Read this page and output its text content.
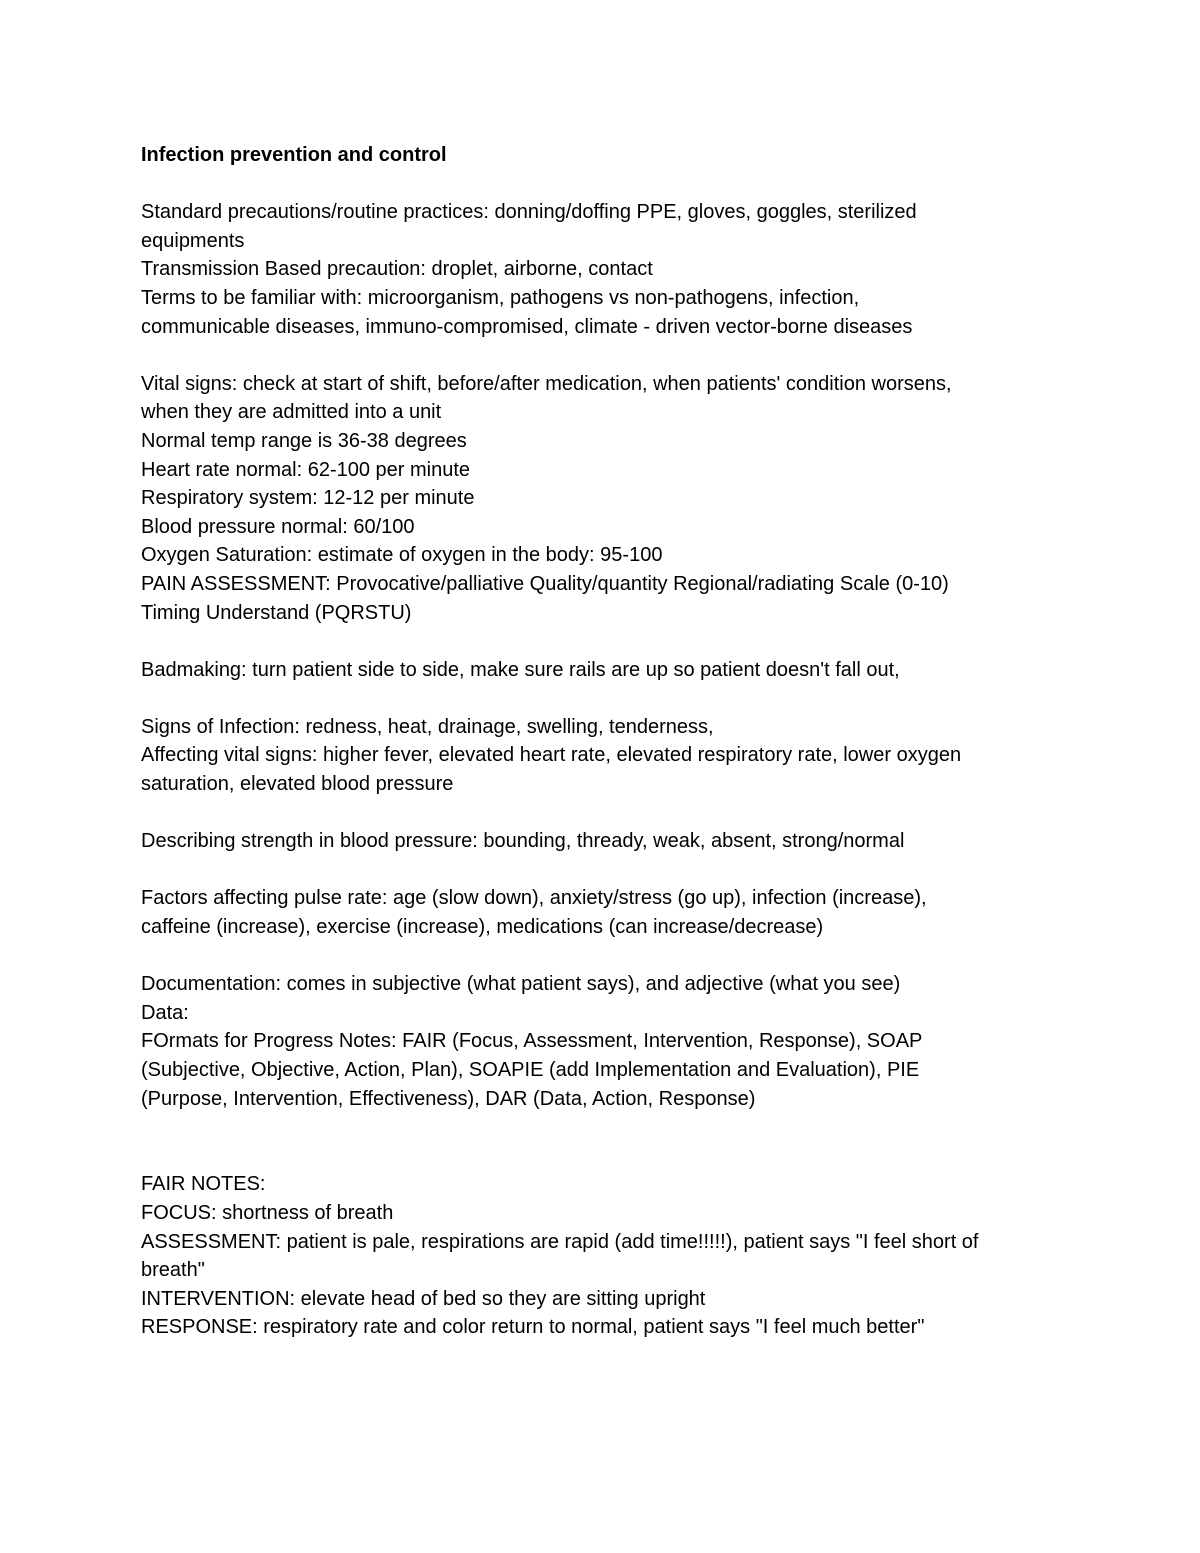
Infection prevention and control

Standard precautions/routine practices: donning/doffing PPE, gloves, goggles, sterilized

equipments

Transmission Based precaution: droplet, airborne, contact

Terms to be familiar with: microorganism, pathogens vs non-pathogens, infection,

communicable diseases, immuno-compromised, climate - driven vector-borne diseases

Vital signs: check at start of shift, before/after medication, when patients' condition worsens,

when they are admitted into a unit

Normal temp range is 36-38 degrees

Heart rate normal: 62-100 per minute

Respiratory system: 12-12 per minute

Blood pressure normal: 60/100

Oxygen Saturation: estimate of oxygen in the body: 95-100

PAIN ASSESSMENT: Provocative/palliative Quality/quantity Regional/radiating Scale (0-10)

Timing Understand (PQRSTU)

Badmaking: turn patient side to side, make sure rails are up so patient doesn't fall out,

Signs of Infection: redness, heat, drainage, swelling, tenderness,

Affecting vital signs: higher fever, elevated heart rate, elevated respiratory rate, lower oxygen

saturation, elevated blood pressure

Describing strength in blood pressure: bounding, thready, weak, absent, strong/normal

Factors affecting pulse rate: age (slow down), anxiety/stress (go up), infection (increase),

caffeine (increase), exercise (increase), medications (can increase/decrease)

Documentation: comes in subjective (what patient says), and adjective (what you see)

Data:

FOrmats for Progress Notes: FAIR (Focus, Assessment, Intervention, Response), SOAP

(Subjective, Objective, Action, Plan), SOAPIE (add Implementation and Evaluation), PIE

(Purpose, Intervention, Effectiveness), DAR (Data, Action, Response)

FAIR NOTES:

FOCUS: shortness of breath

ASSESSMENT: patient is pale, respirations are rapid (add time!!!!!), patient says "I feel short of

breath"

INTERVENTION: elevate head of bed so they are sitting upright

RESPONSE: respiratory rate and color return to normal, patient says "I feel much better"
